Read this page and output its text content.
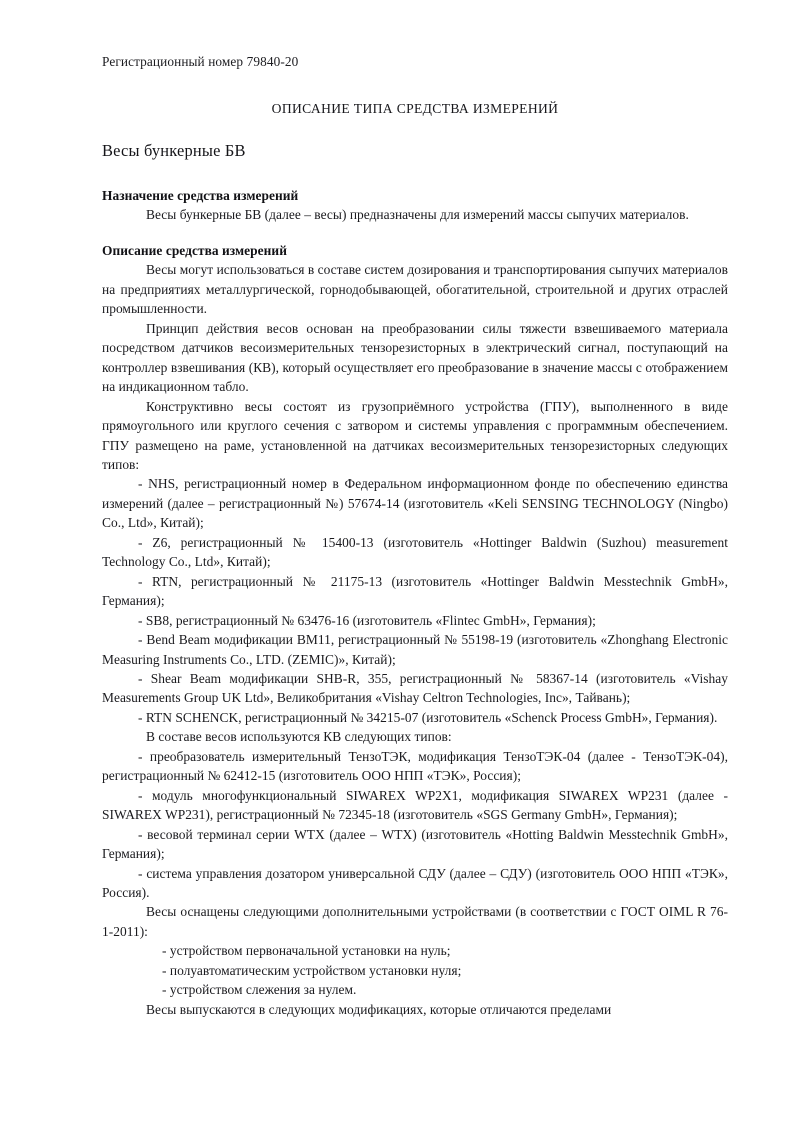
Регистрационный номер 79840-20
ОПИСАНИЕ ТИПА СРЕДСТВА ИЗМЕРЕНИЙ
Весы бункерные БВ
Назначение средства измерений

Весы бункерные БВ (далее – весы) предназначены для измерений массы сыпучих материалов.

Описание средства измерений

Весы могут использоваться в составе систем дозирования и транспортирования сыпучих материалов на предприятиях металлургической, горнодобывающей, обогатительной, строительной и других отраслей промышленности.

Принцип действия весов основан на преобразовании силы тяжести взвешиваемого материала посредством датчиков весоизмерительных тензорезисторных в электрический сигнал, поступающий на контроллер взвешивания (КВ), который осуществляет его преобразование в значение массы с отображением на индикационном табло.

Конструктивно весы состоят из грузоприёмного устройства (ГПУ), выполненного в виде прямоугольного или круглого сечения с затвором и системы управления с программным обеспечением. ГПУ размещено на раме, установленной на датчиках весоизмерительных тензорезисторных следующих типов:

- NHS, регистрационный номер в Федеральном информационном фонде по обеспечению единства измерений (далее – регистрационный №) 57674-14 (изготовитель «Keli SENSING TECHNOLOGY (Ningbo) Co., Ltd», Китай);

- Z6, регистрационный № 15400-13 (изготовитель «Hottinger Baldwin (Suzhou) measurement Technology Co., Ltd», Китай);

- RTN, регистрационный № 21175-13 (изготовитель «Hottinger Baldwin Messtechnik GmbH», Германия);

- SB8, регистрационный № 63476-16 (изготовитель «Flintec GmbH», Германия);

- Bend Beam модификации BM11, регистрационный № 55198-19 (изготовитель «Zhonghang Electronic Measuring Instruments Co., LTD. (ZEMIC)», Китай);

- Shear Beam модификации SHB-R, 355, регистрационный № 58367-14 (изготовитель «Vishay Measurements Group UK Ltd», Великобритания «Vishay Celtron Technologies, Inc», Тайвань);

- RTN SCHENCK, регистрационный № 34215-07 (изготовитель «Schenck Process GmbH», Германия).

В составе весов используются КВ следующих типов:

- преобразователь измерительный ТензоТЭК, модификация ТензоТЭК-04 (далее - ТензоТЭК-04), регистрационный № 62412-15 (изготовитель ООО НПП «ТЭК», Россия);

- модуль многофункциональный SIWAREX WP2X1, модификация SIWAREX WP231 (далее - SIWAREX WP231), регистрационный № 72345-18 (изготовитель «SGS Germany GmbH», Германия);

- весовой терминал серии WTX (далее – WTX) (изготовитель «Hotting Baldwin Messtechnik GmbH», Германия);

- система управления дозатором универсальной СДУ (далее – СДУ) (изготовитель ООО НПП «ТЭК», Россия).

Весы оснащены следующими дополнительными устройствами (в соответствии с ГОСТ OIML R 76-1-2011):

- устройством первоначальной установки на нуль;

- полуавтоматическим устройством установки нуля;

- устройством слежения за нулем.

Весы выпускаются в следующих модификациях, которые отличаются пределами
